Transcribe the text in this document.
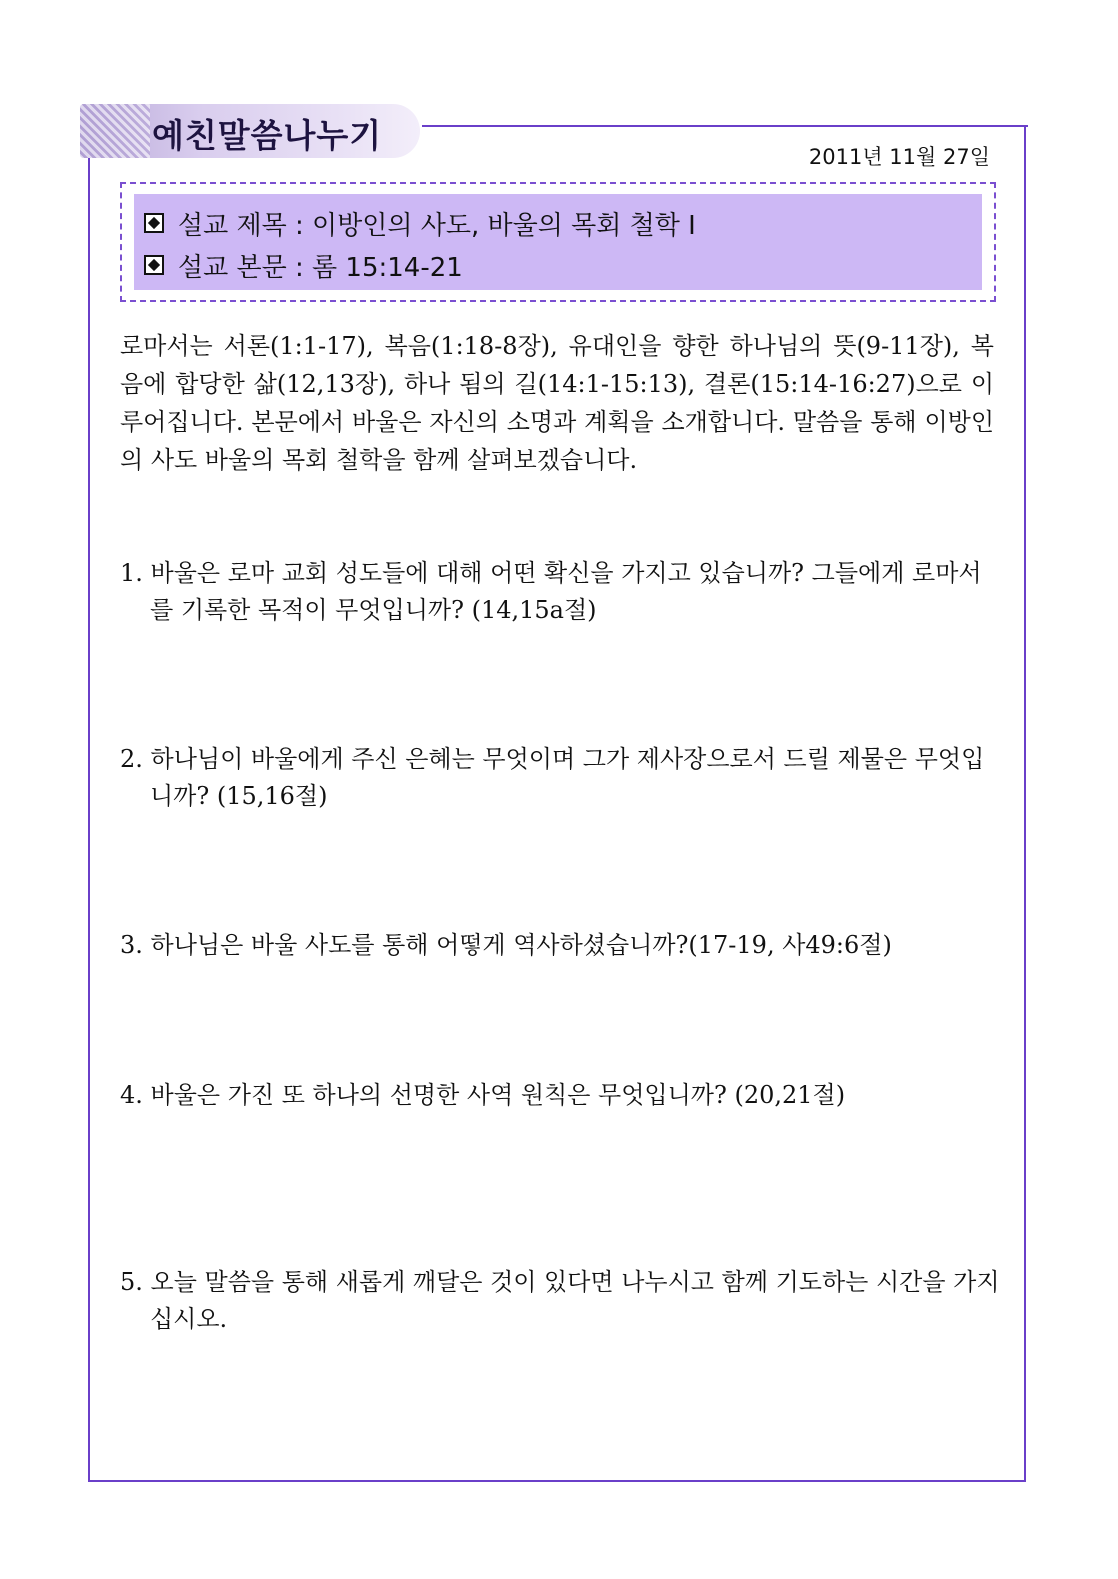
예친말씀나누기
2011년 11월 27일
설교 제목 : 이방인의 사도, 바울의 목회 철학 Ⅰ
설교 본문 : 롬 15:14-21
로마서는 서론(1:1-17), 복음(1:18-8장), 유대인을 향한 하나님의 뜻(9-11장), 복음에 합당한 삶(12,13장), 하나 됨의 길(14:1-15:13), 결론(15:14-16:27)으로 이루어집니다. 본문에서 바울은 자신의 소명과 계획을 소개합니다. 말씀을 통해 이방인의 사도 바울의 목회 철학을 함께 살펴보겠습니다.
1. 바울은 로마 교회 성도들에 대해 어떤 확신을 가지고 있습니까? 그들에게 로마서를 기록한 목적이 무엇입니까? (14,15a절)
2. 하나님이 바울에게 주신 은혜는 무엇이며 그가 제사장으로서 드릴 제물은 무엇입니까? (15,16절)
3. 하나님은 바울 사도를 통해 어떻게 역사하셨습니까?(17-19, 사49:6절)
4. 바울은 가진 또 하나의 선명한 사역 원칙은 무엇입니까? (20,21절)
5. 오늘 말씀을 통해 새롭게 깨달은 것이 있다면 나누시고 함께 기도하는 시간을 가지십시오.
